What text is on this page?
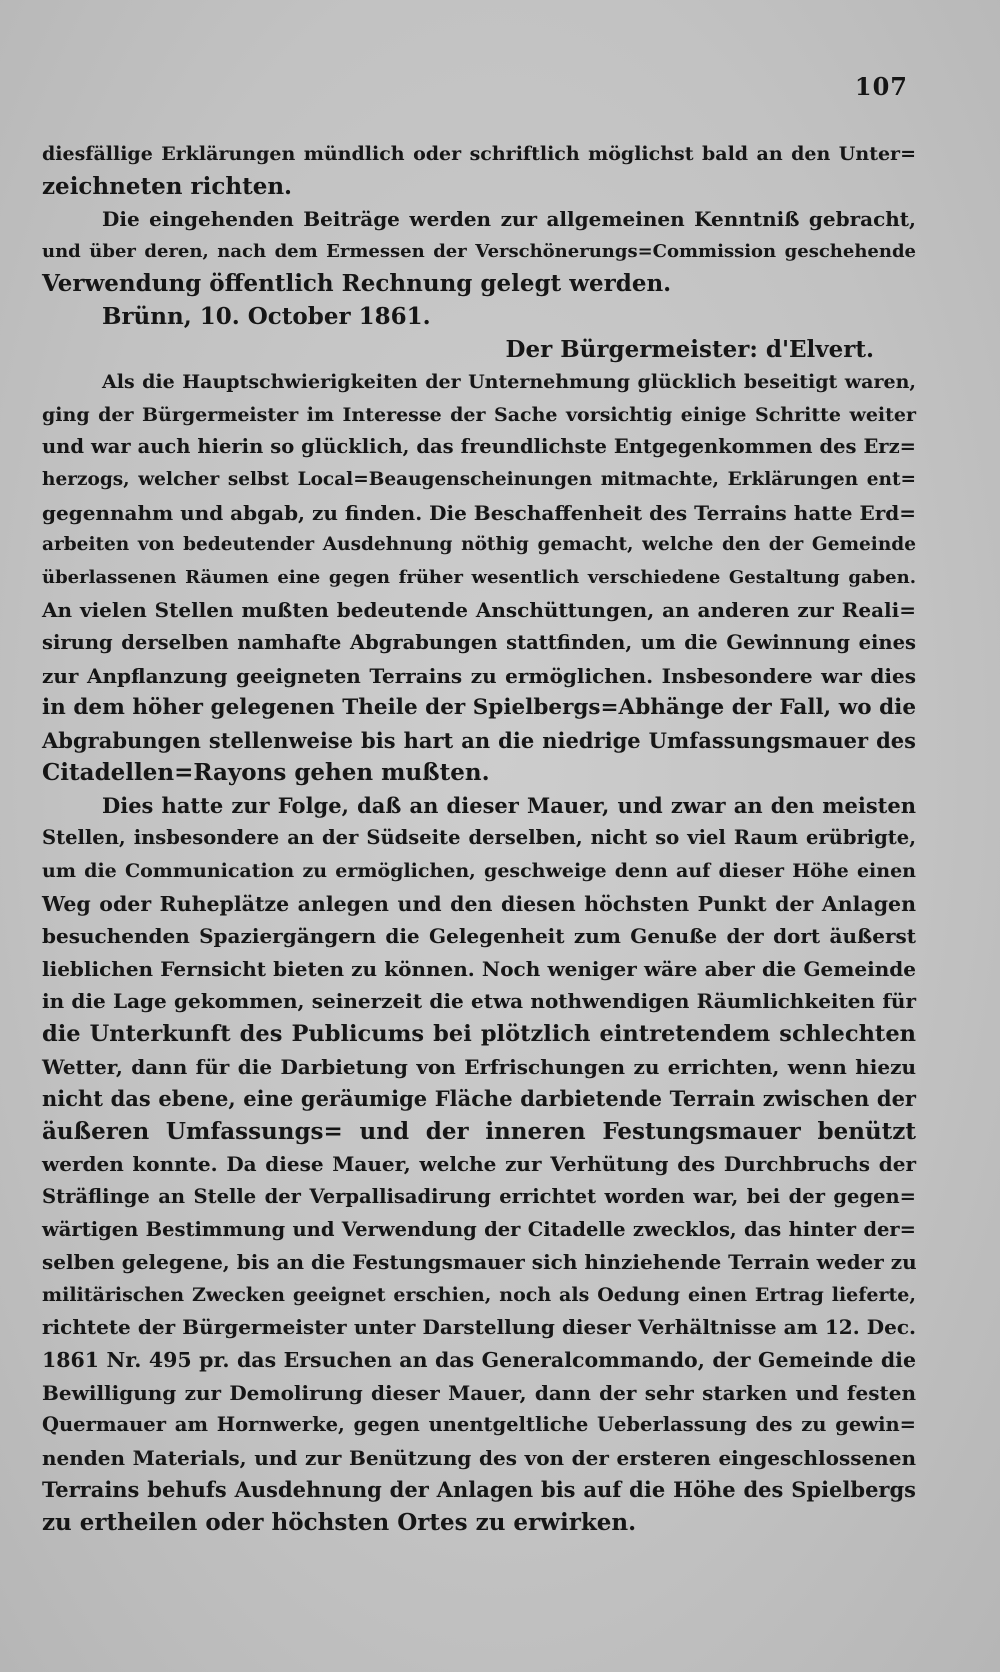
107
diesfällige Erklärungen mündlich oder schriftlich möglichst bald an den Unter=
zeichneten richten.
Die eingehenden Beiträge werden zur allgemeinen Kenntniß gebracht,
und über deren, nach dem Ermessen der Verschönerungs=Commission geschehende
Verwendung öffentlich Rechnung gelegt werden.
Brünn, 10. October 1861.
Der Bürgermeister: d'Elvert.
Als die Hauptschwierigkeiten der Unternehmung glücklich beseitigt waren,
ging der Bürgermeister im Interesse der Sache vorsichtig einige Schritte weiter
und war auch hierin so glücklich, das freundlichste Entgegenkommen des Erz=
herzogs, welcher selbst Local=Beaugenscheinungen mitmachte, Erklärungen ent=
gegennahm und abgab, zu finden. Die Beschaffenheit des Terrains hatte Erd=
arbeiten von bedeutender Ausdehnung nöthig gemacht, welche den der Gemeinde
überlassenen Räumen eine gegen früher wesentlich verschiedene Gestaltung gaben.
An vielen Stellen mußten bedeutende Anschüttungen, an anderen zur Reali=
sirung derselben namhafte Abgrabungen stattfinden, um die Gewinnung eines
zur Anpflanzung geeigneten Terrains zu ermöglichen. Insbesondere war dies
in dem höher gelegenen Theile der Spielbergs=Abhänge der Fall, wo die
Abgrabungen stellenweise bis hart an die niedrige Umfassungsmauer des
Citadellen=Rayons gehen mußten.
Dies hatte zur Folge, daß an dieser Mauer, und zwar an den meisten
Stellen, insbesondere an der Südseite derselben, nicht so viel Raum erübrigte,
um die Communication zu ermöglichen, geschweige denn auf dieser Höhe einen
Weg oder Ruheplätze anlegen und den diesen höchsten Punkt der Anlagen
besuchenden Spaziergängern die Gelegenheit zum Genuße der dort äußerst
lieblichen Fernsicht bieten zu können. Noch weniger wäre aber die Gemeinde
in die Lage gekommen, seinerzeit die etwa nothwendigen Räumlichkeiten für
die Unterkunft des Publicums bei plötzlich eintretendem schlechten
Wetter, dann für die Darbietung von Erfrischungen zu errichten, wenn hiezu
nicht das ebene, eine geräumige Fläche darbietende Terrain zwischen der
äußeren Umfassungs= und der inneren Festungsmauer benützt
werden konnte. Da diese Mauer, welche zur Verhütung des Durchbruchs der
Sträflinge an Stelle der Verpallisadirung errichtet worden war, bei der gegen=
wärtigen Bestimmung und Verwendung der Citadelle zwecklos, das hinter der=
selben gelegene, bis an die Festungsmauer sich hinziehende Terrain weder zu
militärischen Zwecken geeignet erschien, noch als Oedung einen Ertrag lieferte,
richtete der Bürgermeister unter Darstellung dieser Verhältnisse am 12. Dec.
1861 Nr. 495 pr. das Ersuchen an das Generalcommando, der Gemeinde die
Bewilligung zur Demolirung dieser Mauer, dann der sehr starken und festen
Quermauer am Hornwerke, gegen unentgeltliche Ueberlassung des zu gewin=
nenden Materials, und zur Benützung des von der ersteren eingeschlossenen
Terrains behufs Ausdehnung der Anlagen bis auf die Höhe des Spielbergs
zu ertheilen oder höchsten Ortes zu erwirken.
